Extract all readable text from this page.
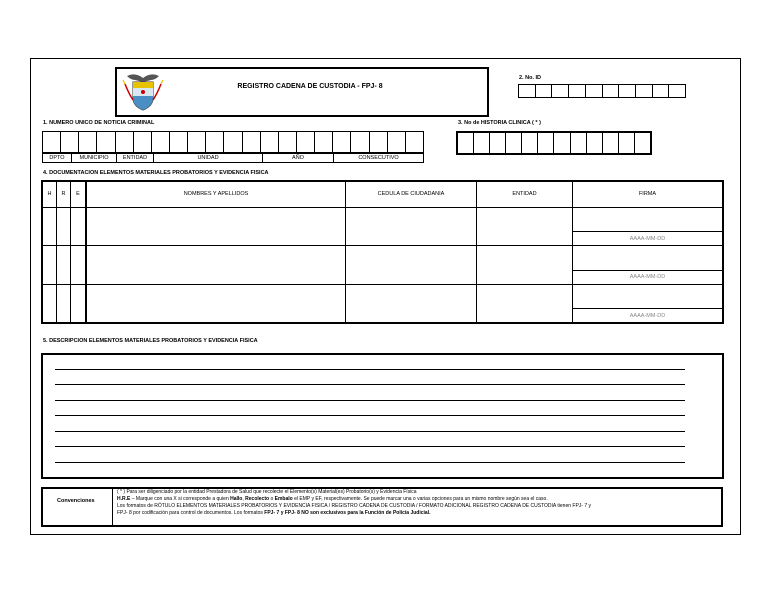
REGISTRO CADENA DE CUSTODIA - FPJ- 8
2. No. ID
1. NUMERO UNICO DE NOTICIA CRIMINAL
DPTO	MUNICIPIO	ENTIDAD	UNIDAD	AÑO	CONSECUTIVO
3. No de HISTORIA CLINICA ( * )
4. DOCUMENTACION ELEMENTOS MATERIALES PROBATORIOS Y EVIDENCIA FISICA
H	R	E	NOMBRES Y APELLIDOS	CEDULA DE CIUDADANIA	ENTIDAD	FIRMA

						AAAA-MM-DD

						AAAA-MM-DD

						AAAA-MM-DD
5. DESCRIPCION ELEMENTOS MATERIALES PROBATORIOS Y EVIDENCIA FISICA
Convenciones
( * ) Para ser diligenciado por la entidad Prestadora de Salud que recolecte el Elemento(s) Material(es) Probatorio(s) y Evidencia Física
H.R.E – Marque con una X si corresponde a quien Hallo, Recolecto o Embalo el EMP y EF, respectivamente. Se puede marcar una o varias opciones para un mismo nombre según sea el caso.
Los formatos de RÓTULO ELEMENTOS MATERIALES PROBATORIOS Y EVIDENCIA FISICA / REGISTRO CADENA DE CUSTODIA / FORMATO ADICIONAL REGISTRO CADENA DE CUSTODIA tienen FPJ- 7 y
FPJ- 8 por codificación para control de documentos. Los formatos FPJ- 7 y FPJ- 8 NO son exclusivos para la Función de Policía Judicial.
